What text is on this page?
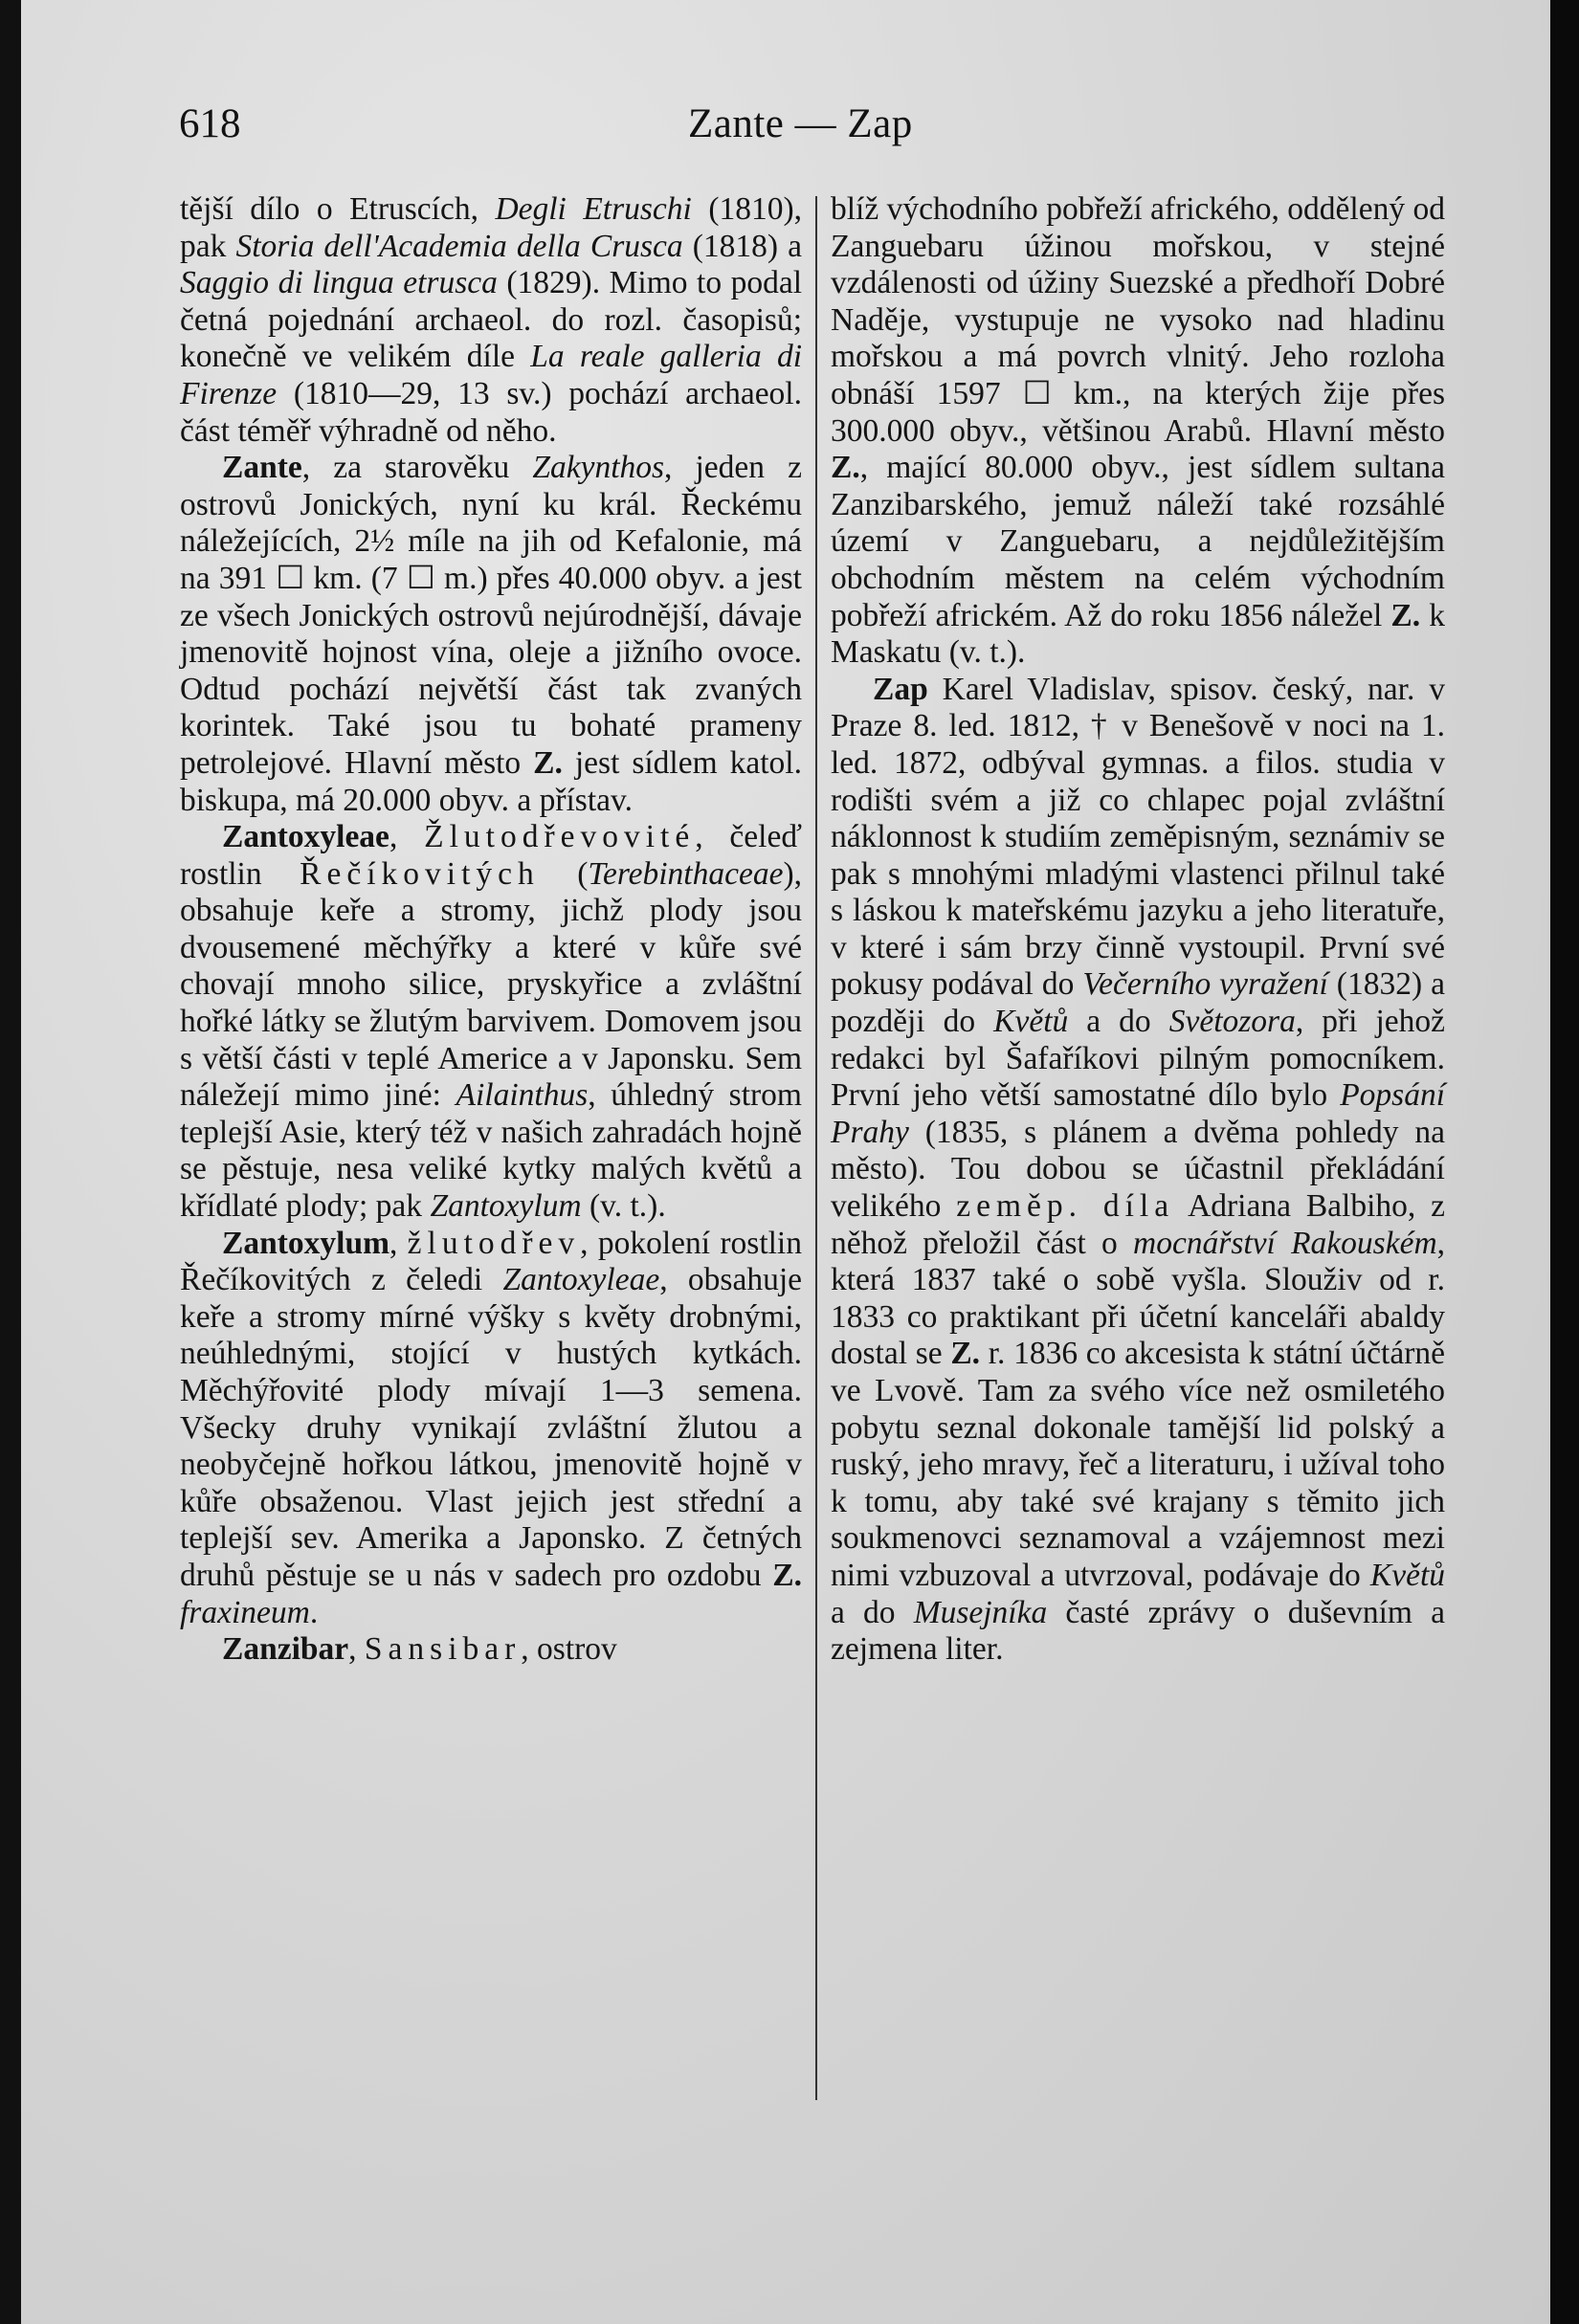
618	Zante — Zap

tější dílo o Etruscích, Degli Etruschi (1810), pak Storia dell'Academia della Crusca (1818) a Saggio di lingua etrusca (1829). Mimo to podal četná pojednání archaeol. do rozl. časopisů; konečně ve velikém díle La reale galleria di Firenze (1810—29, 13 sv.) pochází archaeol. část téměř výhradně od něho.

Zante, za starověku Zakynthos, jeden z ostrovů Jonických, nyní ku král. Řeckému náležejících, 2½ míle na jih od Kefalonie, má na 391 ☐ km. (7 ☐ m.) přes 40.000 obyv. a jest ze všech Jonických ostrovů nejúrodnější, dávaje jmenovitě hojnost vína, oleje a jižního ovoce. Odtud pochází největší část tak zvaných korintek. Také jsou tu bohaté prameny petrolejové. Hlavní město Z. jest sídlem katol. biskupa, má 20.000 obyv. a přístav.

Zantoxyleae, Žlutodřevovité, čeleď rostlin Řečíkovitých (Terebinthaceae), obsahuje keře a stromy, jichž plody jsou dvousemené měchýřky a které v kůře své chovají mnoho silice, pryskyřice a zvláštní hořké látky se žlutým barvivem. Domovem jsou s větší části v teplé Americe a v Japonsku. Sem náležejí mimo jiné: Ailainthus, úhledný strom teplejší Asie, který též v našich zahradách hojně se pěstuje, nesa veliké kytky malých květů a křídlaté plody; pak Zantoxylum (v. t.).

Zantoxylum, žlutodřev, pokolení rostlin Řečíkovitých z čeledi Zantoxyleae, obsahuje keře a stromy mírné výšky s květy drobnými, neúhlednými, stojící v hustých kytkách. Měchýřovité plody mívají 1—3 semena. Všecky druhy vynikají zvláštní žlutou a neobyčejně hořkou látkou, jmenovitě hojně v kůře obsaženou. Vlast jejich jest střední a teplejší sev. Amerika a Japonsko. Z četných druhů pěstuje se u nás v sadech pro ozdobu Z. fraxineum.

Zanzibar, Sansibar, ostrov

blíž východního pobřeží afrického, oddělený od Zanguebaru úžinou mořskou, v stejné vzdálenosti od úžiny Suezské a předhoří Dobré Naděje, vystupuje ne vysoko nad hladinu mořskou a má povrch vlnitý. Jeho rozloha obnáší 1597 ☐ km., na kterých žije přes 300.000 obyv., většinou Arabů. Hlavní město Z., mající 80.000 obyv., jest sídlem sultana Zanzibarského, jemuž náleží také rozsáhlé území v Zanguebaru, a nejdůležitějším obchodním městem na celém východním pobřeží africkém. Až do roku 1856 náležel Z. k Maskatu (v. t.).

Zap Karel Vladislav, spisov. český, nar. v Praze 8. led. 1812, † v Benešově v noci na 1. led. 1872, odbýval gymnas. a filos. studia v rodišti svém a již co chlapec pojal zvláštní náklonnost k studiím zeměpisným, seznámiv se pak s mnohými mladými vlastenci přilnul také s láskou k mateřskému jazyku a jeho literatuře, v které i sám brzy činně vystoupil. První své pokusy podával do Večerního vyražení (1832) a později do Květů a do Světozora, při jehož redakci byl Šafaříkovi pilným pomocníkem. První jeho větší samostatné dílo bylo Popsání Prahy (1835, s plánem a dvěma pohledy na město). Tou dobou se účastnil překládání velikého zeměp. díla Adriana Balbiho, z něhož přeložil část o mocnářství Rakouském, která 1837 také o sobě vyšla. Slouživ od r. 1833 co praktikant při účetní kanceláři abaldy dostal se Z. r. 1836 co akcesista k státní účtárně ve Lvově. Tam za svého více než osmiletého pobytu seznal dokonale tamější lid polský a ruský, jeho mravy, řeč a literaturu, i užíval toho k tomu, aby také své krajany s těmito jich soukmenovci seznamoval a vzájemnost mezi nimi vzbuzoval a utvrzoval, podávaje do Květů a do Musejníka časté zprávy o duševním a zejmena liter.
